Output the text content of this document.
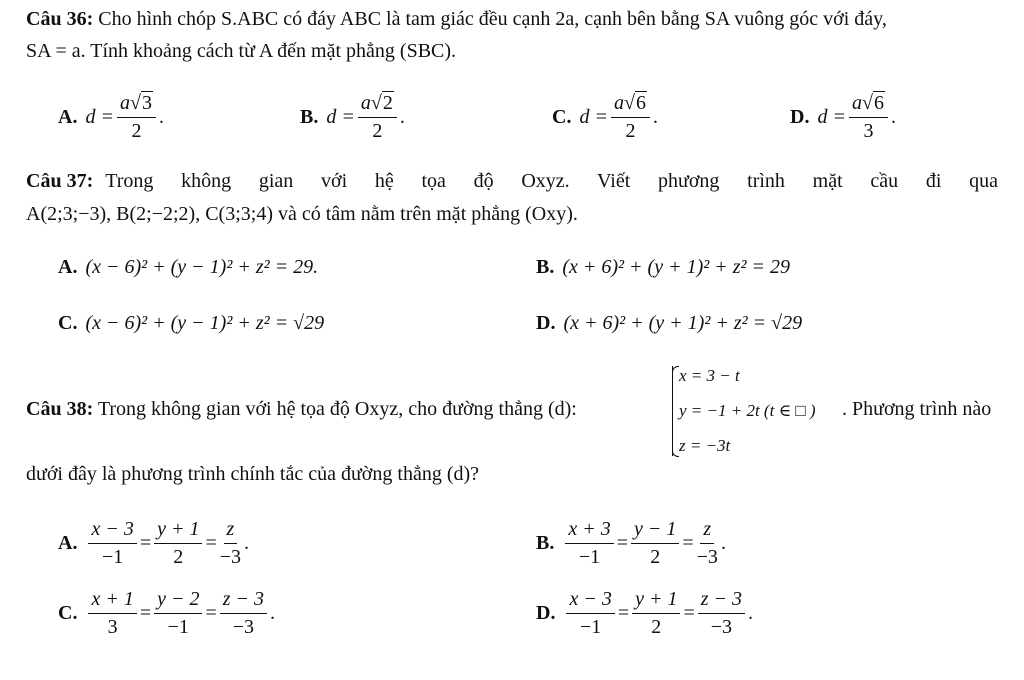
Câu 36: Cho hình chóp S.ABC có đáy ABC là tam giác đều cạnh 2a, cạnh bên bằng SA vuông góc với đáy,
SA = a. Tính khoảng cách từ A đến mặt phẳng (SBC).
A. $d = \frac{a√3}{2}$ .	B. $d = \frac{a√2}{2}$ .	C. $d = \frac{a√6}{2}$ .	D. $d = \frac{a√6}{3}$ .
Câu 37: Trong không gian với hệ tọa độ Oxyz. Viết phương trình mặt cầu đi qua
A(2;3;−3), B(2;−2;2), C(3;3;4) và có tâm nằm trên mặt phẳng (Oxy).
A. (x − 6)² + (y − 1)² + z² = 29.	B. (x + 6)² + (y + 1)² + z² = 29
C. (x − 6)² + (y − 1)² + z² = √29	D. (x + 6)² + (y + 1)² + z² = √29
Câu 38: Trong không gian với hệ tọa độ Oxyz, cho đường thẳng (d):
x = 3 − t
y = −1 + 2t (t ∈ □ )
z = −3t
. Phương trình nào
dưới đây là phương trình chính tắc của đường thẳng (d)?
A. $\frac{x - 3}{-1} = \frac{y + 1}{2} = \frac{z}{-3}$ .	B. $\frac{x + 3}{-1} = \frac{y - 1}{2} = \frac{z}{-3}$ .
C. $\frac{x + 1}{3} = \frac{y - 2}{-1} = \frac{z - 3}{-3}$ .	D. $\frac{x - 3}{-1} = \frac{y + 1}{2} = \frac{z - 3}{-3}$ .
